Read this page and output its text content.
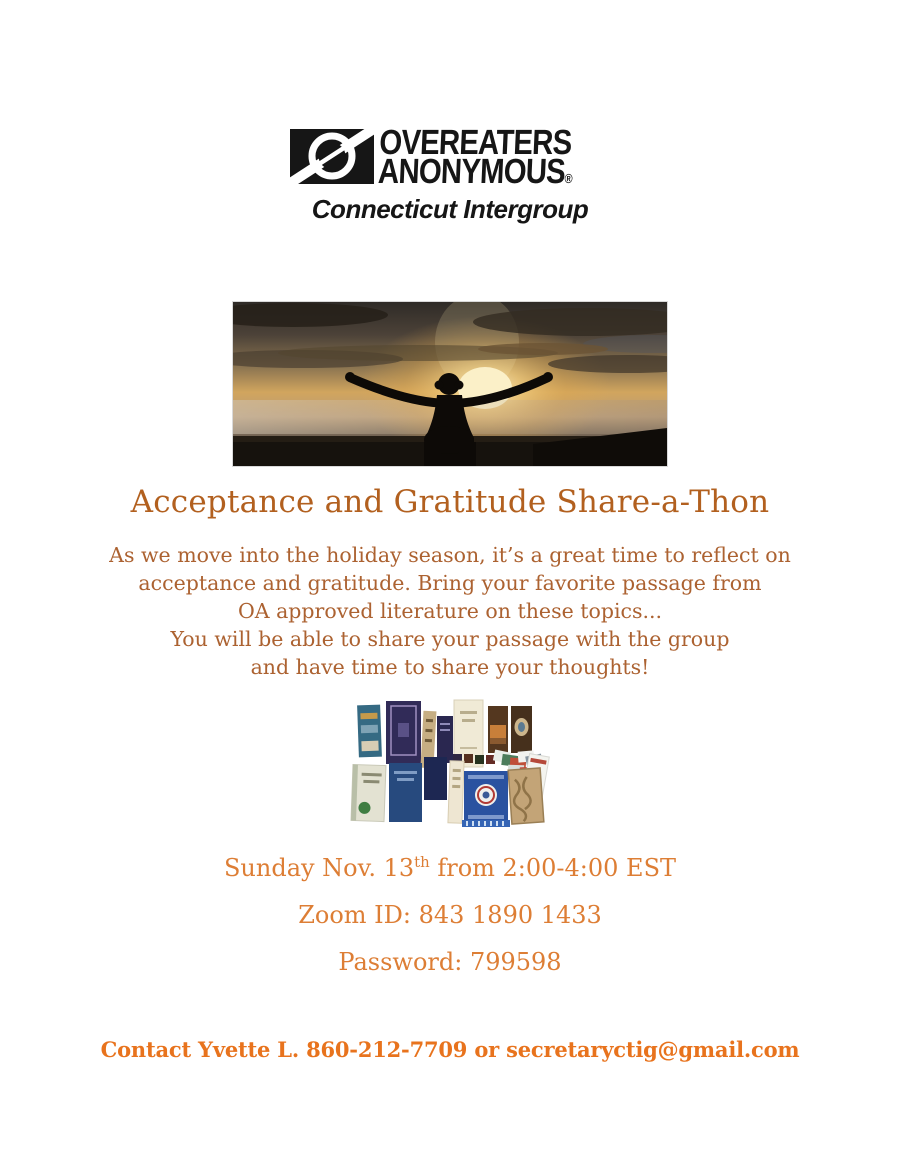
OVEREATERS
ANONYMOUS®
Connecticut Intergroup
Acceptance and Gratitude Share-a-Thon
As we move into the holiday season, it’s a great time to reflect on
acceptance and gratitude. Bring your favorite passage from
OA approved literature on these topics...
You will be able to share your passage with the group
and have time to share your thoughts!

Sunday Nov. 13th from 2:00-4:00 EST

Zoom ID: 843 1890 1433

Password: 799598

Contact Yvette L. 860-212-7709 or secretaryctig@gmail.com
